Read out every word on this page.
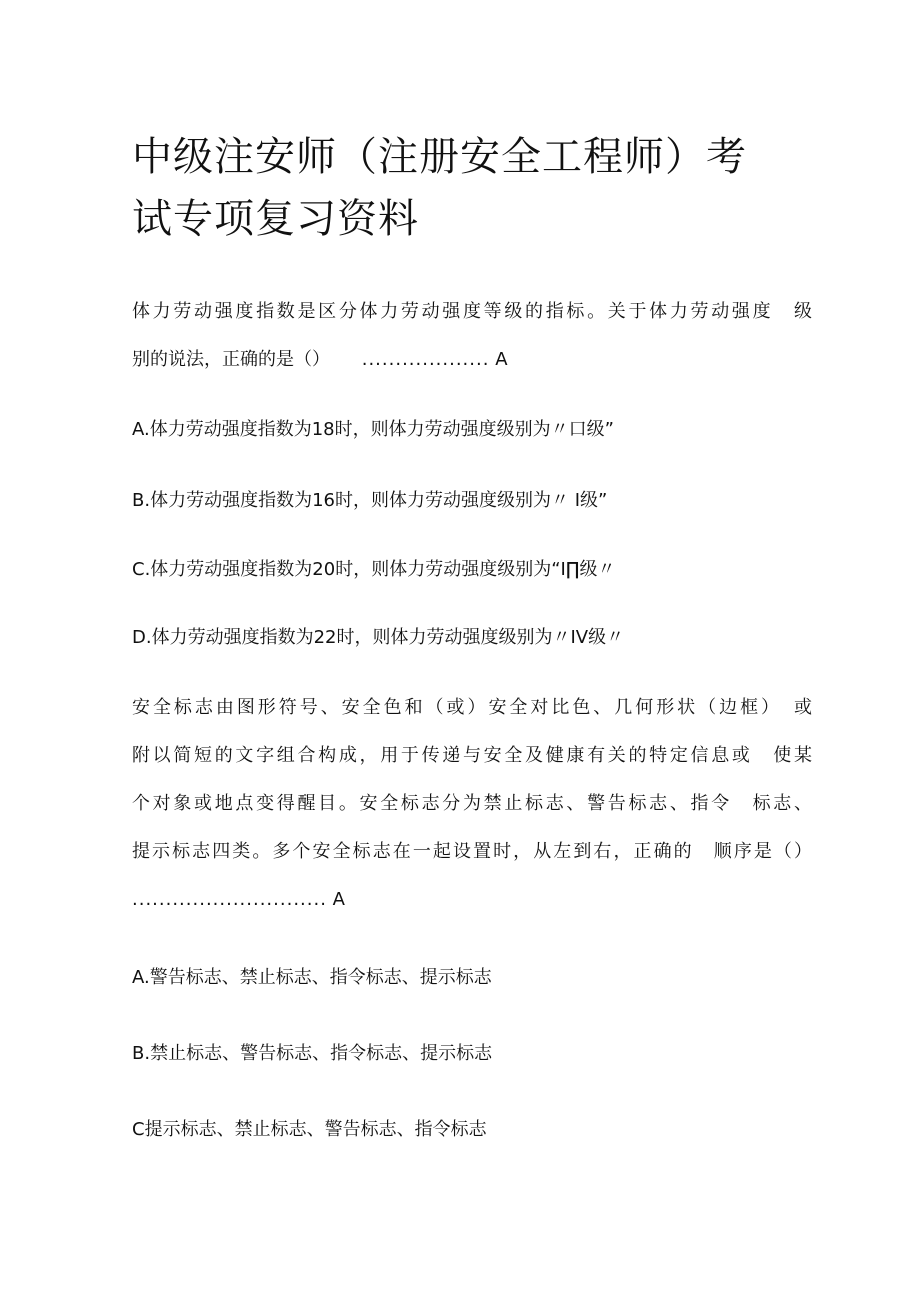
中级注安师（注册安全工程师）考
试专项复习资料
体力劳动强度指数是区分体力劳动强度等级的指标。关于体力劳动强度　级
别的说法，正确的是（） ................... A

A.体力劳动强度指数为18时，则体力劳动强度级别为〃口级”

B.体力劳动强度指数为16时，则体力劳动强度级别为〃 I级”

C.体力劳动强度指数为20时，则体力劳动强度级别为“I∏级〃

D.体力劳动强度指数为22时，则体力劳动强度级别为〃IV级〃

安全标志由图形符号、安全色和（或）安全对比色、几何形状（边框）　或
附以简短的文字组合构成，用于传递与安全及健康有关的特定信息或　使某
个对象或地点变得醒目。安全标志分为禁止标志、警告标志、指令　标志、
提示标志四类。多个安全标志在一起设置时，从左到右，正确的　顺序是（）
............................. A

A.警告标志、禁止标志、指令标志、提示标志

B.禁止标志、警告标志、指令标志、提示标志

C提示标志、禁止标志、警告标志、指令标志
